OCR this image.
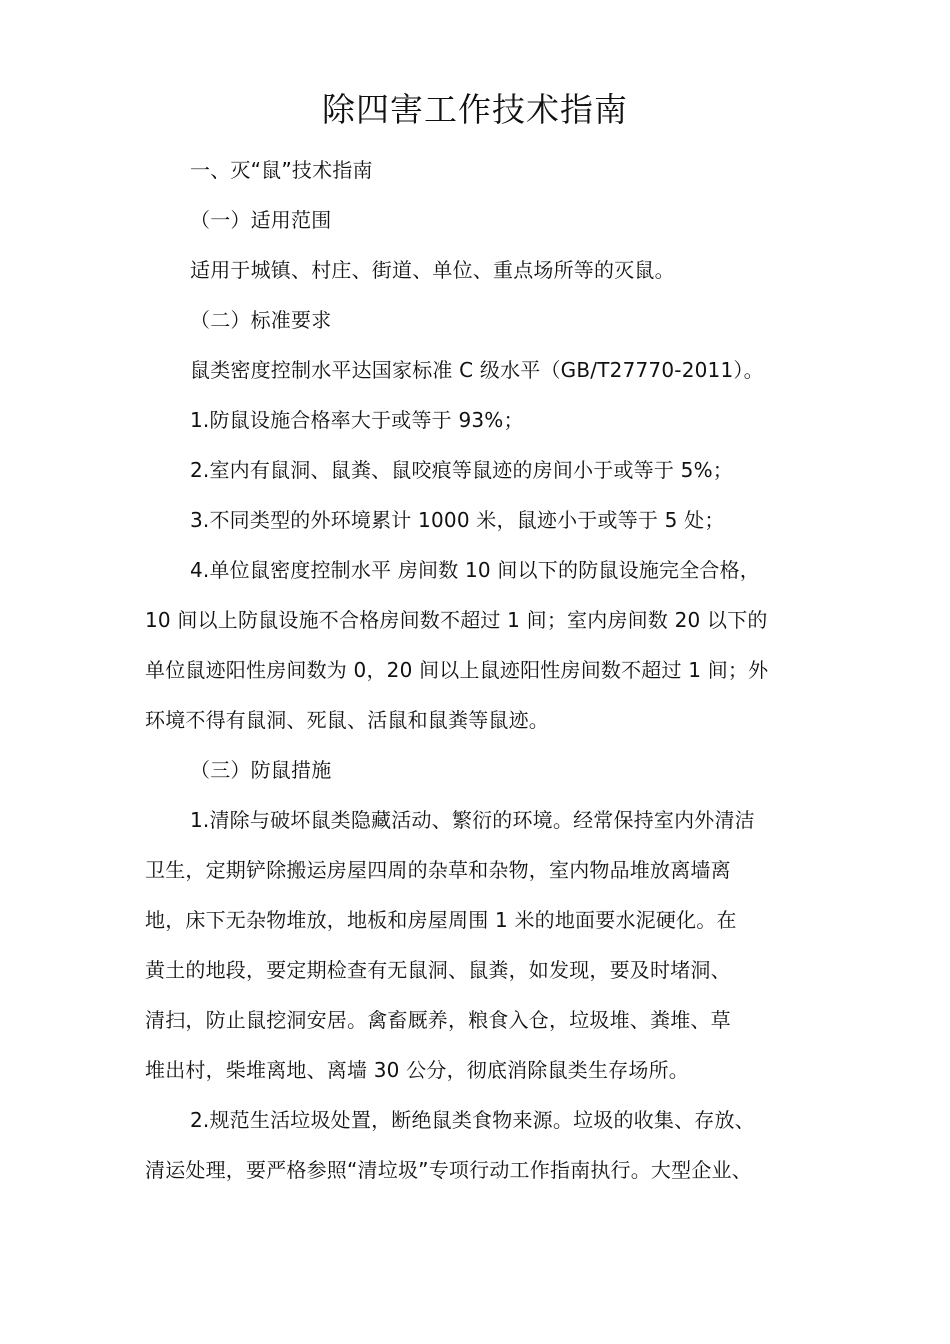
除四害工作技术指南
一、灭“鼠”技术指南
（一）适用范围
适用于城镇、村庄、街道、单位、重点场所等的灭鼠。
（二）标准要求
鼠类密度控制水平达国家标准 C 级水平（GB/T27770-2011）。
1.防鼠设施合格率大于或等于 93%；
2.室内有鼠洞、鼠粪、鼠咬痕等鼠迹的房间小于或等于 5%；
3.不同类型的外环境累计 1000 米，鼠迹小于或等于 5 处；
4.单位鼠密度控制水平 房间数 10 间以下的防鼠设施完全合格，
10 间以上防鼠设施不合格房间数不超过 1 间；室内房间数 20 以下的
单位鼠迹阳性房间数为 0，20 间以上鼠迹阳性房间数不超过 1 间；外
环境不得有鼠洞、死鼠、活鼠和鼠粪等鼠迹。
（三）防鼠措施
1.清除与破坏鼠类隐藏活动、繁衍的环境。经常保持室内外清洁
卫生，定期铲除搬运房屋四周的杂草和杂物，室内物品堆放离墙离
地，床下无杂物堆放，地板和房屋周围 1 米的地面要水泥硬化。在
黄土的地段，要定期检查有无鼠洞、鼠粪，如发现，要及时堵洞、
清扫，防止鼠挖洞安居。禽畜厩养，粮食入仓，垃圾堆、粪堆、草
堆出村，柴堆离地、离墙 30 公分，彻底消除鼠类生存场所。
2.规范生活垃圾处置，断绝鼠类食物来源。垃圾的收集、存放、
清运处理，要严格参照“清垃圾”专项行动工作指南执行。大型企业、
